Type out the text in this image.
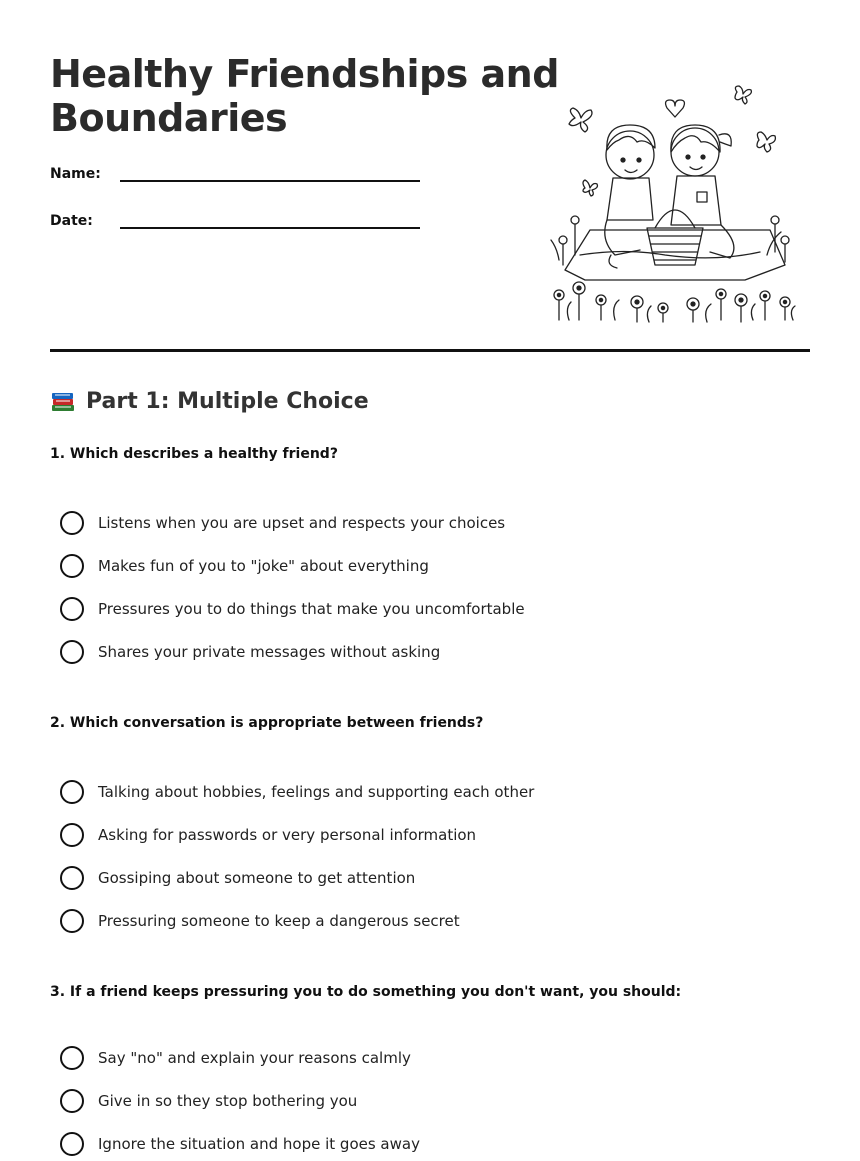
Healthy Friendships and
Boundaries
Name:
Date:
Part 1: Multiple Choice

1. Which describes a healthy friend?

Listens when you are upset and respects your choices
Makes fun of you to "joke" about everything
Pressures you to do things that make you uncomfortable
Shares your private messages without asking

2. Which conversation is appropriate between friends?

Talking about hobbies, feelings and supporting each other
Asking for passwords or very personal information
Gossiping about someone to get attention
Pressuring someone to keep a dangerous secret

3. If a friend keeps pressuring you to do something you don't want, you should:

Say "no" and explain your reasons calmly
Give in so they stop bothering you
Ignore the situation and hope it goes away
